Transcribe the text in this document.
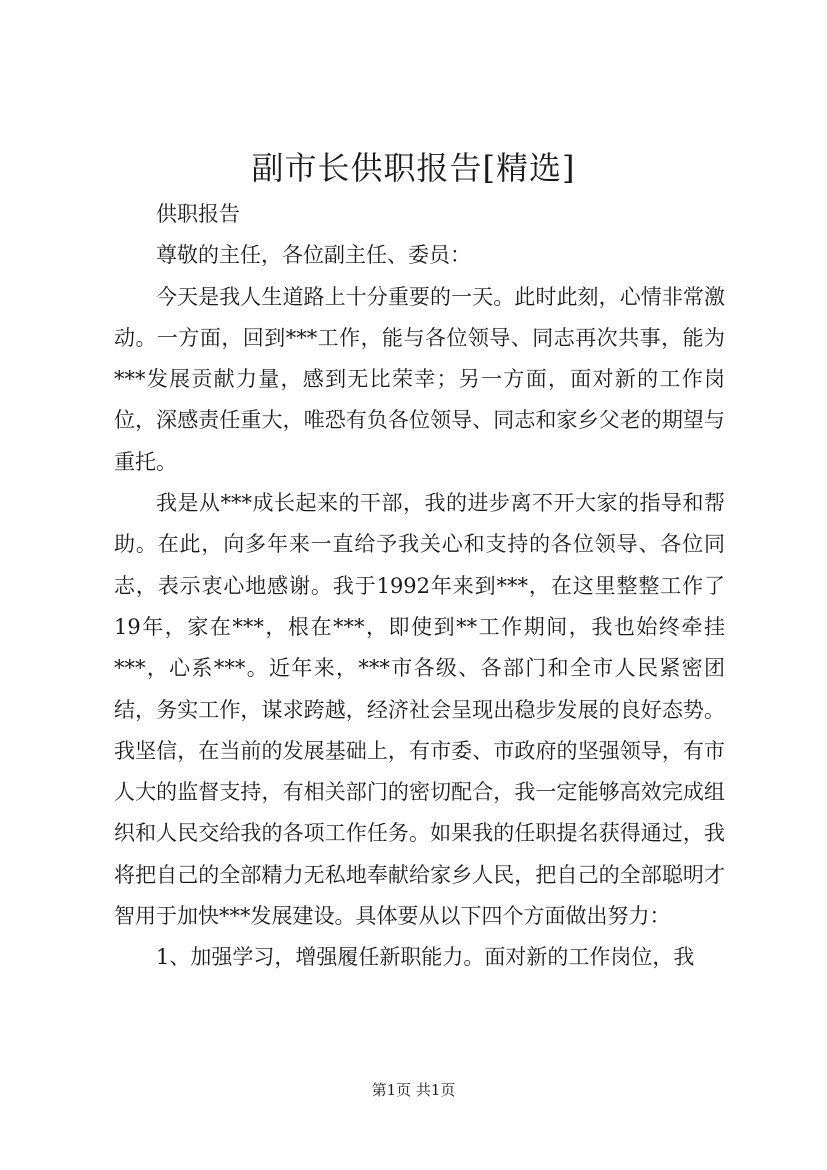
副市长供职报告[精选]

供职报告

尊敬的主任，各位副主任、委员：

今天是我人生道路上十分重要的一天。此时此刻，心情非常激动。一方面，回到***工作，能与各位领导、同志再次共事，能为***发展贡献力量，感到无比荣幸；另一方面，面对新的工作岗位，深感责任重大，唯恐有负各位领导、同志和家乡父老的期望与重托。

我是从***成长起来的干部，我的进步离不开大家的指导和帮助。在此，向多年来一直给予我关心和支持的各位领导、各位同志，表示衷心地感谢。我于1992年来到***，在这里整整工作了19年，家在***，根在***，即使到**工作期间，我也始终牵挂***，心系***。近年来，***市各级、各部门和全市人民紧密团结，务实工作，谋求跨越，经济社会呈现出稳步发展的良好态势。我坚信，在当前的发展基础上，有市委、市政府的坚强领导，有市人大的监督支持，有相关部门的密切配合，我一定能够高效完成组织和人民交给我的各项工作任务。如果我的任职提名获得通过，我将把自己的全部精力无私地奉献给家乡人民，把自己的全部聪明才智用于加快***发展建设。具体要从以下四个方面做出努力：

1、加强学习，增强履任新职能力。面对新的工作岗位，我

第1页 共1页
